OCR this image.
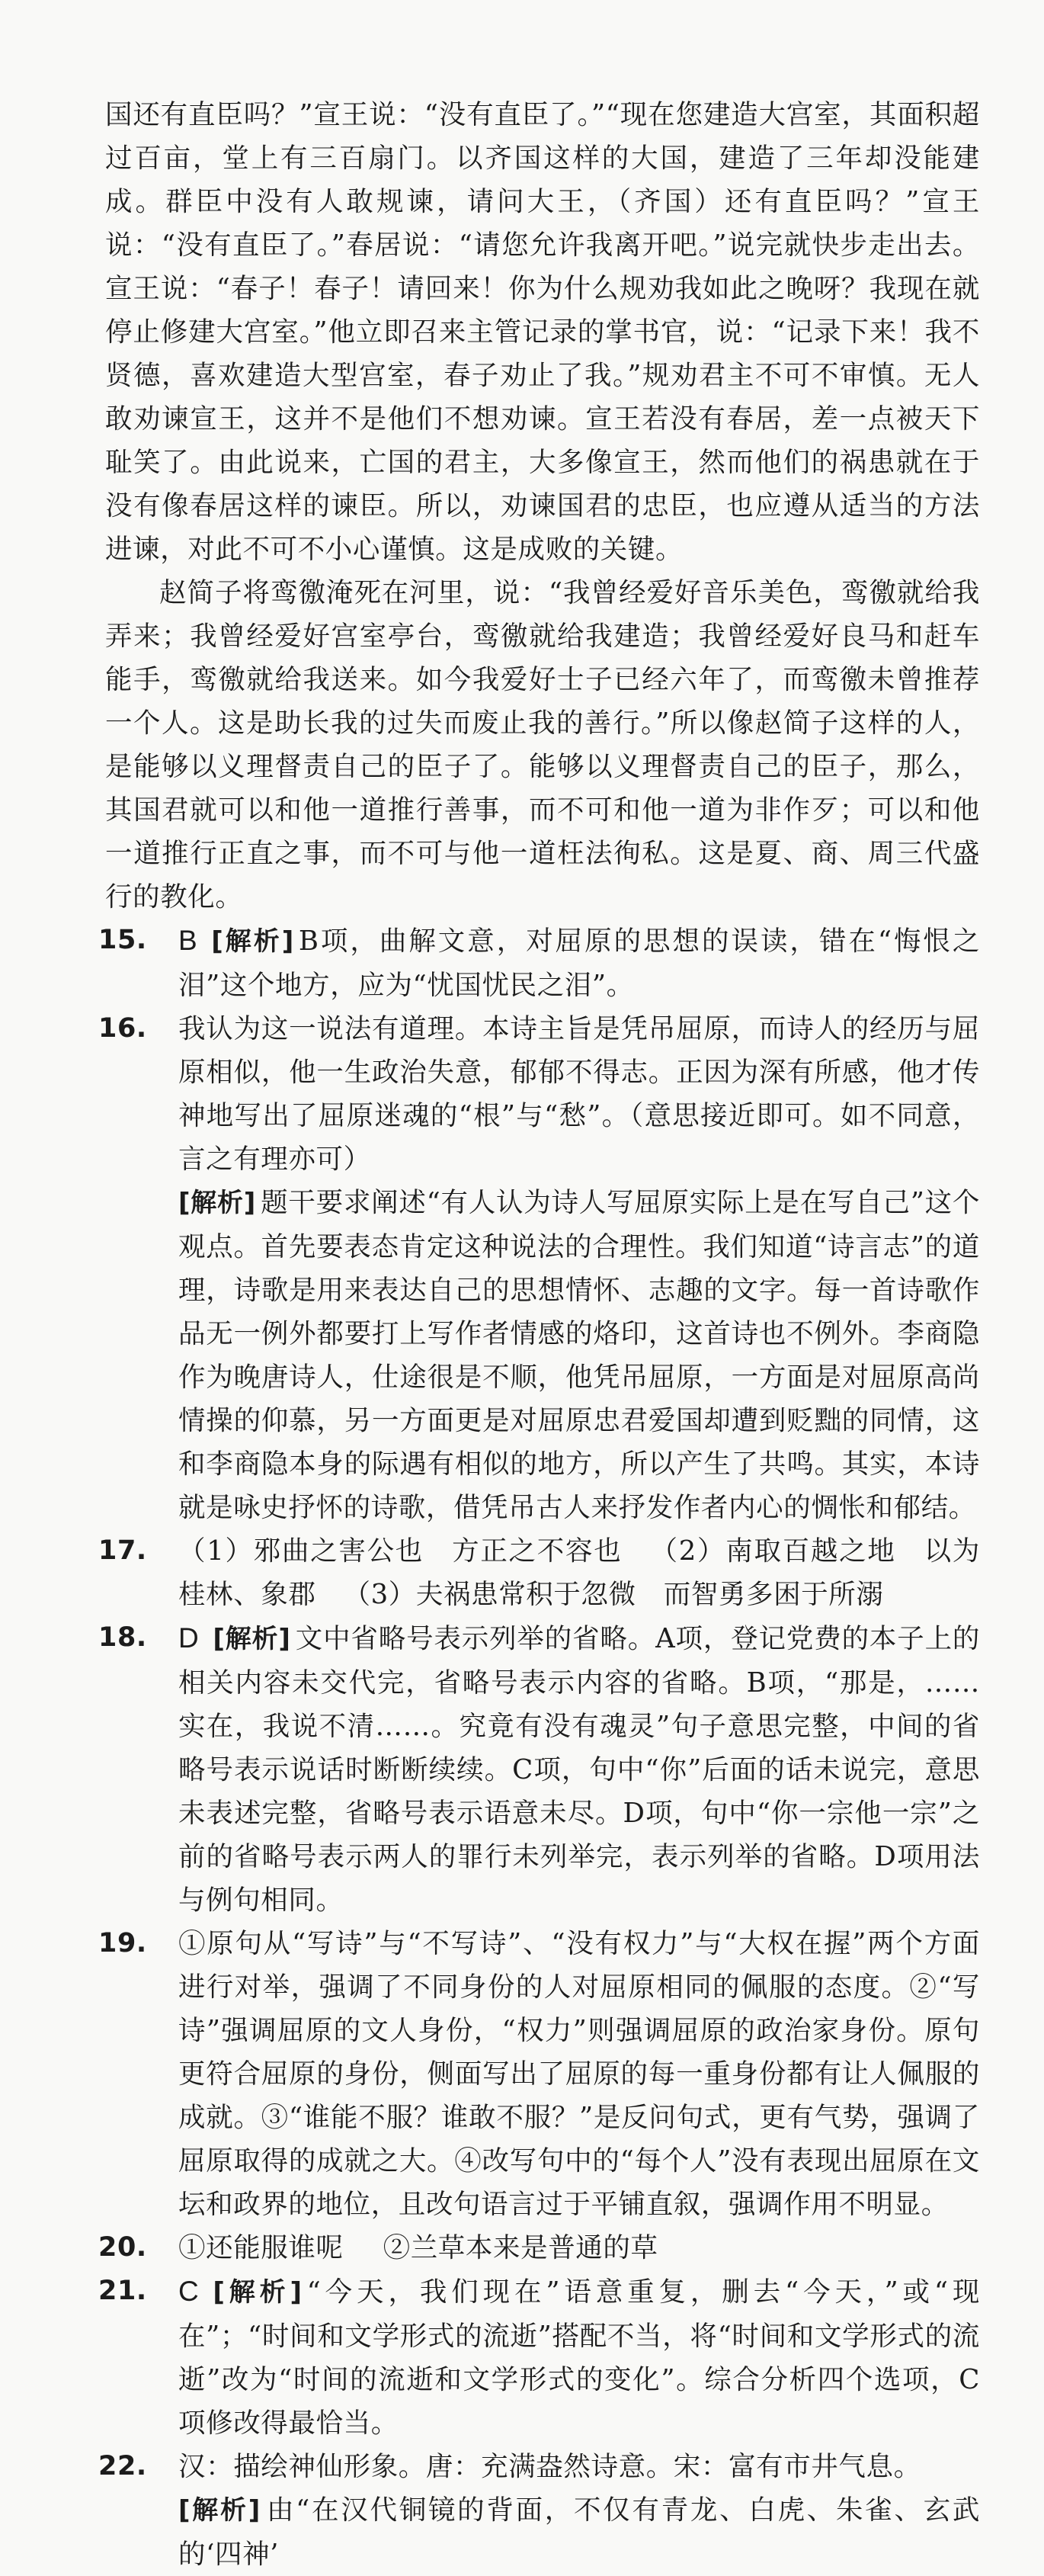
国还有直臣吗？”宣王说：“没有直臣了。”“现在您建造大宫室，其面积超过百亩，堂上有三百扇门。以齐国这样的大国，建造了三年却没能建成。群臣中没有人敢规谏，请问大王，（齐国）还有直臣吗？”宣王说：“没有直臣了。”春居说：“请您允许我离开吧。”说完就快步走出去。宣王说：“春子！春子！请回来！你为什么规劝我如此之晚呀？我现在就停止修建大宫室。”他立即召来主管记录的掌书官，说：“记录下来！我不贤德，喜欢建造大型宫室，春子劝止了我。”规劝君主不可不审慎。无人敢劝谏宣王，这并不是他们不想劝谏。宣王若没有春居，差一点被天下耻笑了。由此说来，亡国的君主，大多像宣王，然而他们的祸患就在于没有像春居这样的谏臣。所以，劝谏国君的忠臣，也应遵从适当的方法进谏，对此不可不小心谨慎。这是成败的关键。

赵简子将鸾徼淹死在河里，说：“我曾经爱好音乐美色，鸾徼就给我弄来；我曾经爱好宫室亭台，鸾徼就给我建造；我曾经爱好良马和赶车能手，鸾徼就给我送来。如今我爱好士子已经六年了，而鸾徼未曾推荐一个人。这是助长我的过失而废止我的善行。”所以像赵简子这样的人，是能够以义理督责自己的臣子了。能够以义理督责自己的臣子，那么，其国君就可以和他一道推行善事，而不可和他一道为非作歹；可以和他一道推行正直之事，而不可与他一道枉法徇私。这是夏、商、周三代盛行的教化。

15. B [解析] B项，曲解文意，对屈原的思想的误读，错在“悔恨之泪”这个地方，应为“忧国忧民之泪”。
16. 我认为这一说法有道理。本诗主旨是凭吊屈原，而诗人的经历与屈原相似，他一生政治失意，郁郁不得志。正因为深有所感，他才传神地写出了屈原迷魂的“根”与“愁”。（意思接近即可。如不同意，言之有理亦可）

[解析] 题干要求阐述“有人认为诗人写屈原实际上是在写自己”这个观点。首先要表态肯定这种说法的合理性。我们知道“诗言志”的道理，诗歌是用来表达自己的思想情怀、志趣的文字。每一首诗歌作品无一例外都要打上写作者情感的烙印，这首诗也不例外。李商隐作为晚唐诗人，仕途很是不顺，他凭吊屈原，一方面是对屈原高尚情操的仰慕，另一方面更是对屈原忠君爱国却遭到贬黜的同情，这和李商隐本身的际遇有相似的地方，所以产生了共鸣。其实，本诗就是咏史抒怀的诗歌，借凭吊古人来抒发作者内心的惆怅和郁结。

17. （1）邪曲之害公也 方正之不容也 （2）南取百越之地 以为桂林、象郡 （3）夫祸患常积于忽微 而智勇多困于所溺
18. D [解析] 文中省略号表示列举的省略。A项，登记党费的本子上的相关内容未交代完，省略号表示内容的省略。B项，“那是，……实在，我说不清……。究竟有没有魂灵”句子意思完整，中间的省略号表示说话时断断续续。C项，句中“你”后面的话未说完，意思未表述完整，省略号表示语意未尽。D项，句中“你一宗他一宗”之前的省略号表示两人的罪行未列举完，表示列举的省略。D项用法与例句相同。
19. ①原句从“写诗”与“不写诗”、“没有权力”与“大权在握”两个方面进行对举，强调了不同身份的人对屈原相同的佩服的态度。②“写诗”强调屈原的文人身份，“权力”则强调屈原的政治家身份。原句更符合屈原的身份，侧面写出了屈原的每一重身份都有让人佩服的成就。③“谁能不服？谁敢不服？”是反问句式，更有气势，强调了屈原取得的成就之大。④改写句中的“每个人”没有表现出屈原在文坛和政界的地位，且改句语言过于平铺直叙，强调作用不明显。
20. ①还能服谁呢 ②兰草本来是普通的草
21. C [解析] “今天，我们现在”语意重复，删去“今天，”或“现在”；“时间和文学形式的流逝”搭配不当，将“时间和文学形式的流逝”改为“时间的流逝和文学形式的变化”。综合分析四个选项，C项修改得最恰当。
22. 汉：描绘神仙形象。唐：充满盎然诗意。宋：富有市井气息。

[解析] 由“在汉代铜镜的背面，不仅有青龙、白虎、朱雀、玄武的‘四神’
